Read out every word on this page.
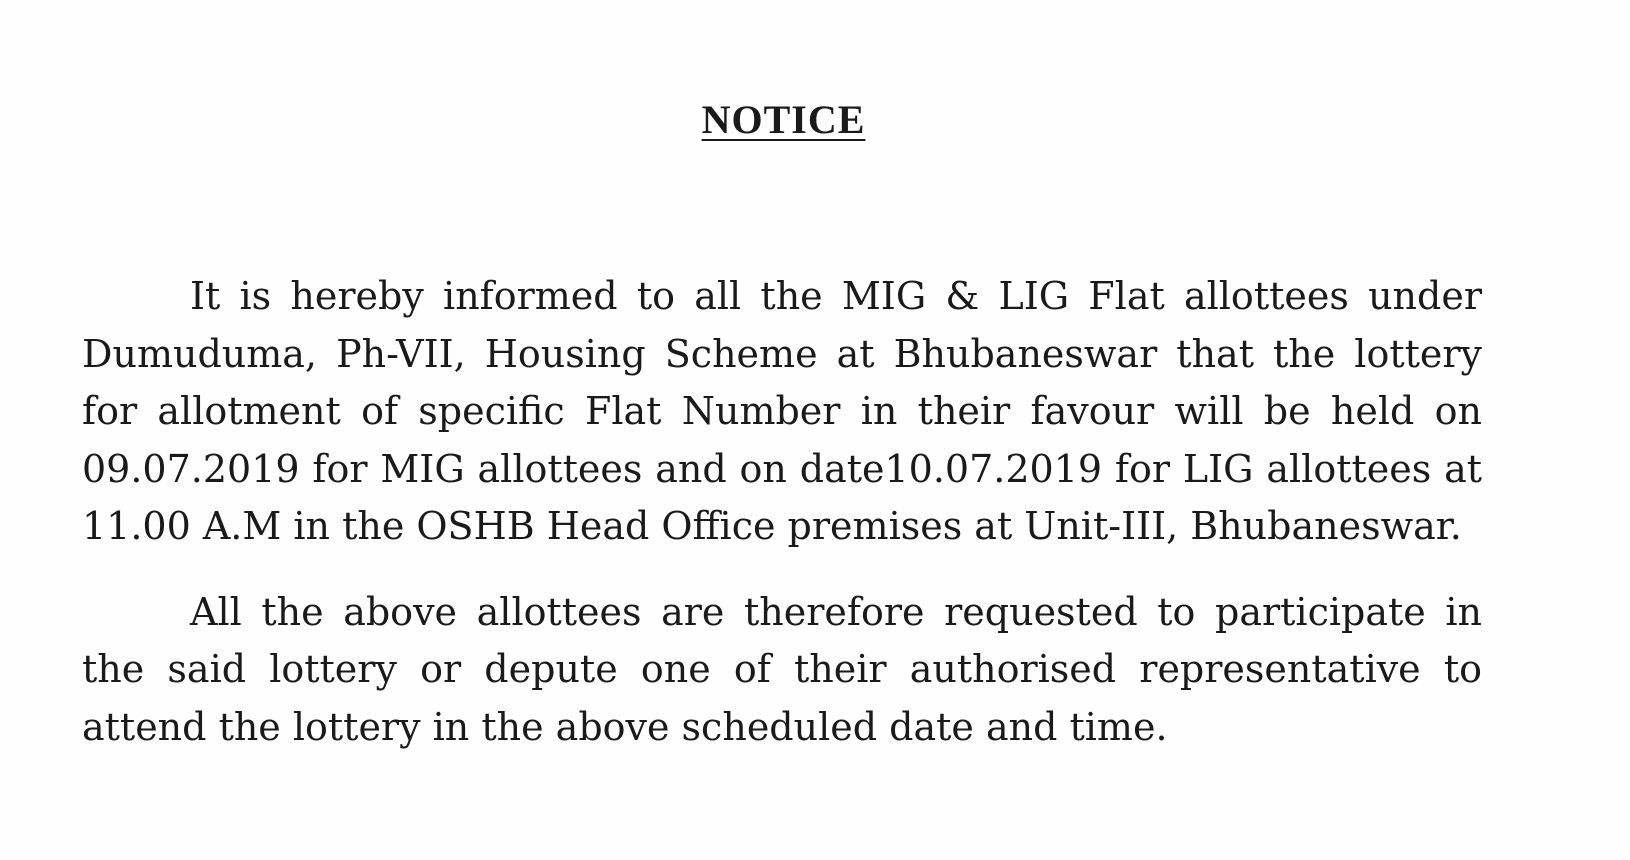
NOTICE

It is hereby informed to all the MIG & LIG Flat allottees under Dumuduma, Ph-VII, Housing Scheme at Bhubaneswar that the lottery for allotment of specific Flat Number in their favour will be held on 09.07.2019 for MIG allottees and on date10.07.2019 for LIG allottees at 11.00 A.M in the OSHB Head Office premises at Unit-III, Bhubaneswar.

All the above allottees are therefore requested to participate in the said lottery or depute one of their authorised representative to attend the lottery in the above scheduled date and time.
